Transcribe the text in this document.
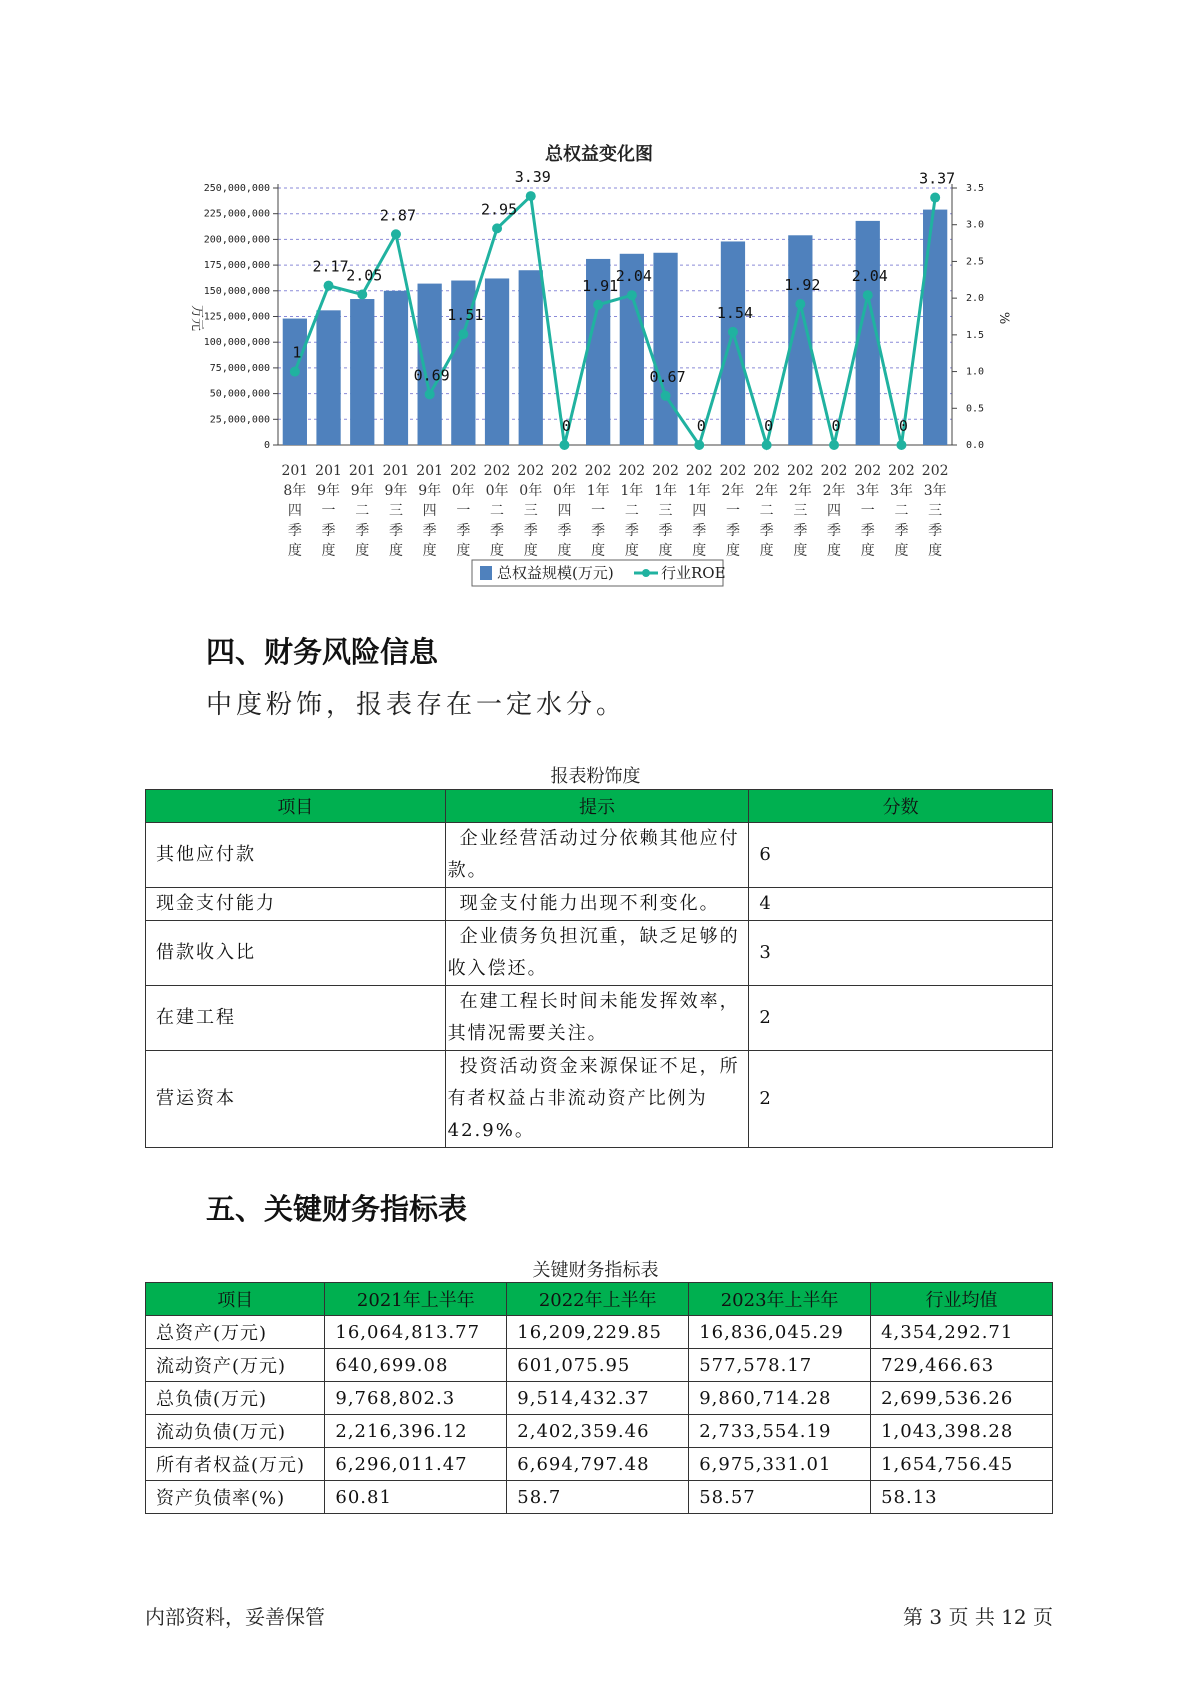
总权益变化图
250,000,000
225,000,000
200,000,000
175,000,000
150,000,000
125,000,000
100,000,000
75,000,000
50,000,000
25,000,000
0
3.5
3.0
2.5
2.0
1.5
1.0
0.5
0.0
万元	%
1
2.17
2.05
2.87
0.69
1.51
2.95
3.39
0
1.91
2.04
0.67
0
1.54
0
1.92
0
2.04
0
3.37
201 8年四季度
201 9年一季度
201 9年二季度
201 9年三季度
201 9年四季度
202 0年一季度
202 0年二季度
202 0年三季度
202 0年四季度
202 1年一季度
202 1年二季度
202 1年三季度
202 1年四季度
202 2年一季度
202 2年二季度
202 2年三季度
202 2年四季度
202 3年一季度
202 3年二季度
202 3年三季度
总权益规模(万元)	行业ROE
四、财务风险信息
中度粉饰，报表存在一定水分。
报表粉饰度
项目	提示	分数
其他应付款	企业经营活动过分依赖其他应付款。	6
现金支付能力	现金支付能力出现不利变化。	4
借款收入比	企业债务负担沉重，缺乏足够的收入偿还。	3
在建工程	在建工程长时间未能发挥效率，其情况需要关注。	2
营运资本	投资活动资金来源保证不足，所有者权益占非流动资产比例为42.9%。	2
五、关键财务指标表
关键财务指标表
项目	2021年上半年	2022年上半年	2023年上半年	行业均值
总资产(万元)	16,064,813.77	16,209,229.85	16,836,045.29	4,354,292.71
流动资产(万元)	640,699.08	601,075.95	577,578.17	729,466.63
总负债(万元)	9,768,802.3	9,514,432.37	9,860,714.28	2,699,536.26
流动负债(万元)	2,216,396.12	2,402,359.46	2,733,554.19	1,043,398.28
所有者权益(万元)	6,296,011.47	6,694,797.48	6,975,331.01	1,654,756.45
资产负债率(%)	60.81	58.7	58.57	58.13
内部资料，妥善保管	第 3 页 共 12 页
